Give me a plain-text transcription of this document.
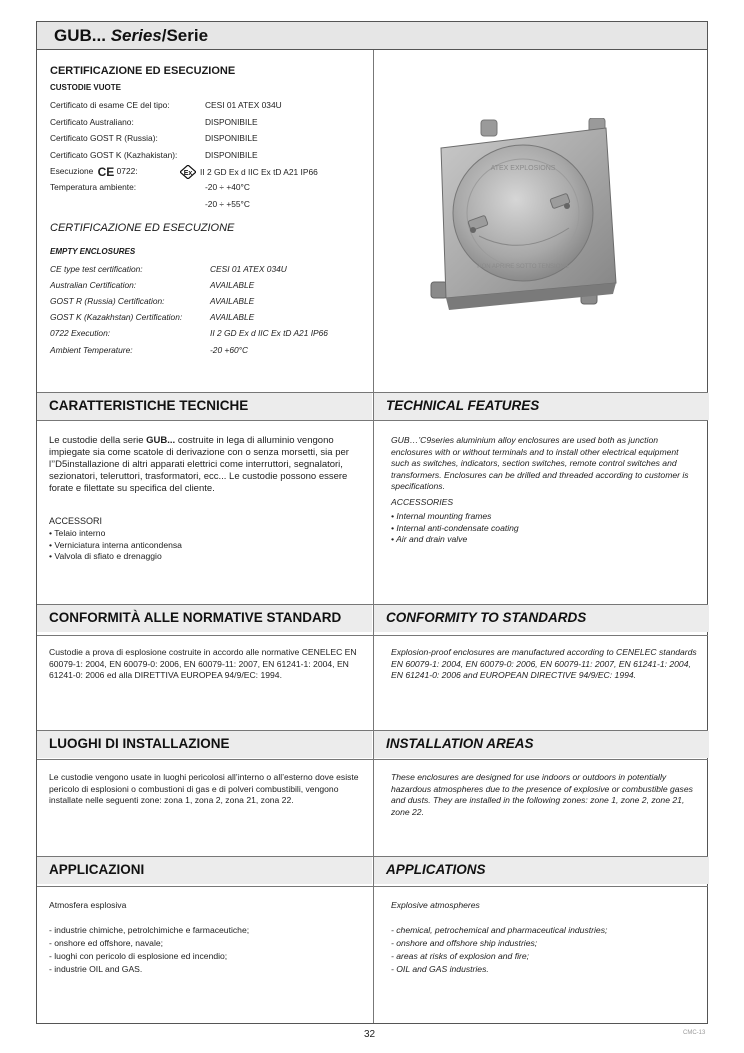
GUB... Series/Serie
CERTIFICAZIONE ED ESECUZIONE
CUSTODIE VUOTE
Certificato di esame CE del tipo:	CESI 01 ATEX 034U
Certificato Australiano:	DISPONIBILE
Certificato GOST R (Russia):	DISPONIBILE
Certificato GOST K (Kazhakistan):	DISPONIBILE
Esecuzione CE 0722:	Ex II 2 GD Ex d IIC Ex tD A21 IP66
Temperatura ambiente:	-20 ÷ +40°C
-20 ÷ +55°C
CERTIFICAZIONE ED ESECUZIONE
EMPTY ENCLOSURES
CE type test certification:	CESI 01 ATEX 034U
Australian Certification:	AVAILABLE
GOST R (Russia) Certification:	AVAILABLE
GOST K (Kazakhstan) Certification:	AVAILABLE
0722 Execution:	II 2 GD Ex d IIC Ex tD A21 IP66
Ambient Temperature:	-20 +60°C
ATEX EXPLOSIONS
NON APRIRE SOTTO TENSIONE
CARATTERISTICHE TECNICHE	TECHNICAL FEATURES
Le custodie della serie GUB... costruite in lega di alluminio vengono impiegate sia come scatole di derivazione con o senza morsetti, sia per l’’D5installazione di altri apparati elettrici come interruttori, segnalatori, sezionatori, teleruttori, trasformatori, ecc... Le custodie possono essere forate e filettate su specifica del cliente.
ACCESSORI

• Telaio interno

• Verniciatura interna anticondensa

• Valvola di sfiato e drenaggio

GUB…’C9series aluminium alloy enclosures are used both as junction enclosures with or without terminals and to install other electrical equipment such as switches, indicators, section switches, remote control switches and transformers. Enclosures can be drilled and threaded according to customer is specifications.
ACCESSORIES

• Internal mounting frames

• Internal anti-condensate coating

• Air and drain valve

CONFORMITÀ ALLE NORMATIVE STANDARD	CONFORMITY TO STANDARDS
Custodie a prova di esplosione costruite in accordo alle normative CENELEC EN 60079-1: 2004, EN 60079-0: 2006, EN 60079-11: 2007, EN 61241-1: 2004, EN 61241-0: 2006 ed alla DIRETTIVA EUROPEA 94/9/EC: 1994.
Explosion-proof enclosures are manufactured according to CENELEC standards EN 60079-1: 2004, EN 60079-0: 2006, EN 60079-11: 2007, EN 61241-1: 2004, EN 61241-0: 2006 and EUROPEAN DIRECTIVE 94/9/EC: 1994.
LUOGHI DI INSTALLAZIONE	INSTALLATION AREAS
Le custodie vengono usate in luoghi pericolosi all’interno o all’esterno dove esiste pericolo di esplosioni o combustioni di gas e di polveri combustibili, vengono installate nelle seguenti zone: zona 1, zona 2, zona 21, zona 22.
These enclosures are designed for use indoors or outdoors in potentially hazardous atmospheres due to the presence of explosive or combustible gases and dusts. They are installed in the following zones: zone 1, zone 2, zone 21, zone 22.
APPLICAZIONI	APPLICATIONS
Atmosfera esplosiva

- industrie chimiche, petrolchimiche e farmaceutiche;

- onshore ed offshore, navale;

- luoghi con pericolo di esplosione ed incendio;

- industrie OIL and GAS.

Explosive atmospheres

- chemical, petrochemical and pharmaceutical industries;

- onshore and offshore ship industries;

- areas at risks of explosion and fire;

- OIL and GAS industries.

32	CMC-13
